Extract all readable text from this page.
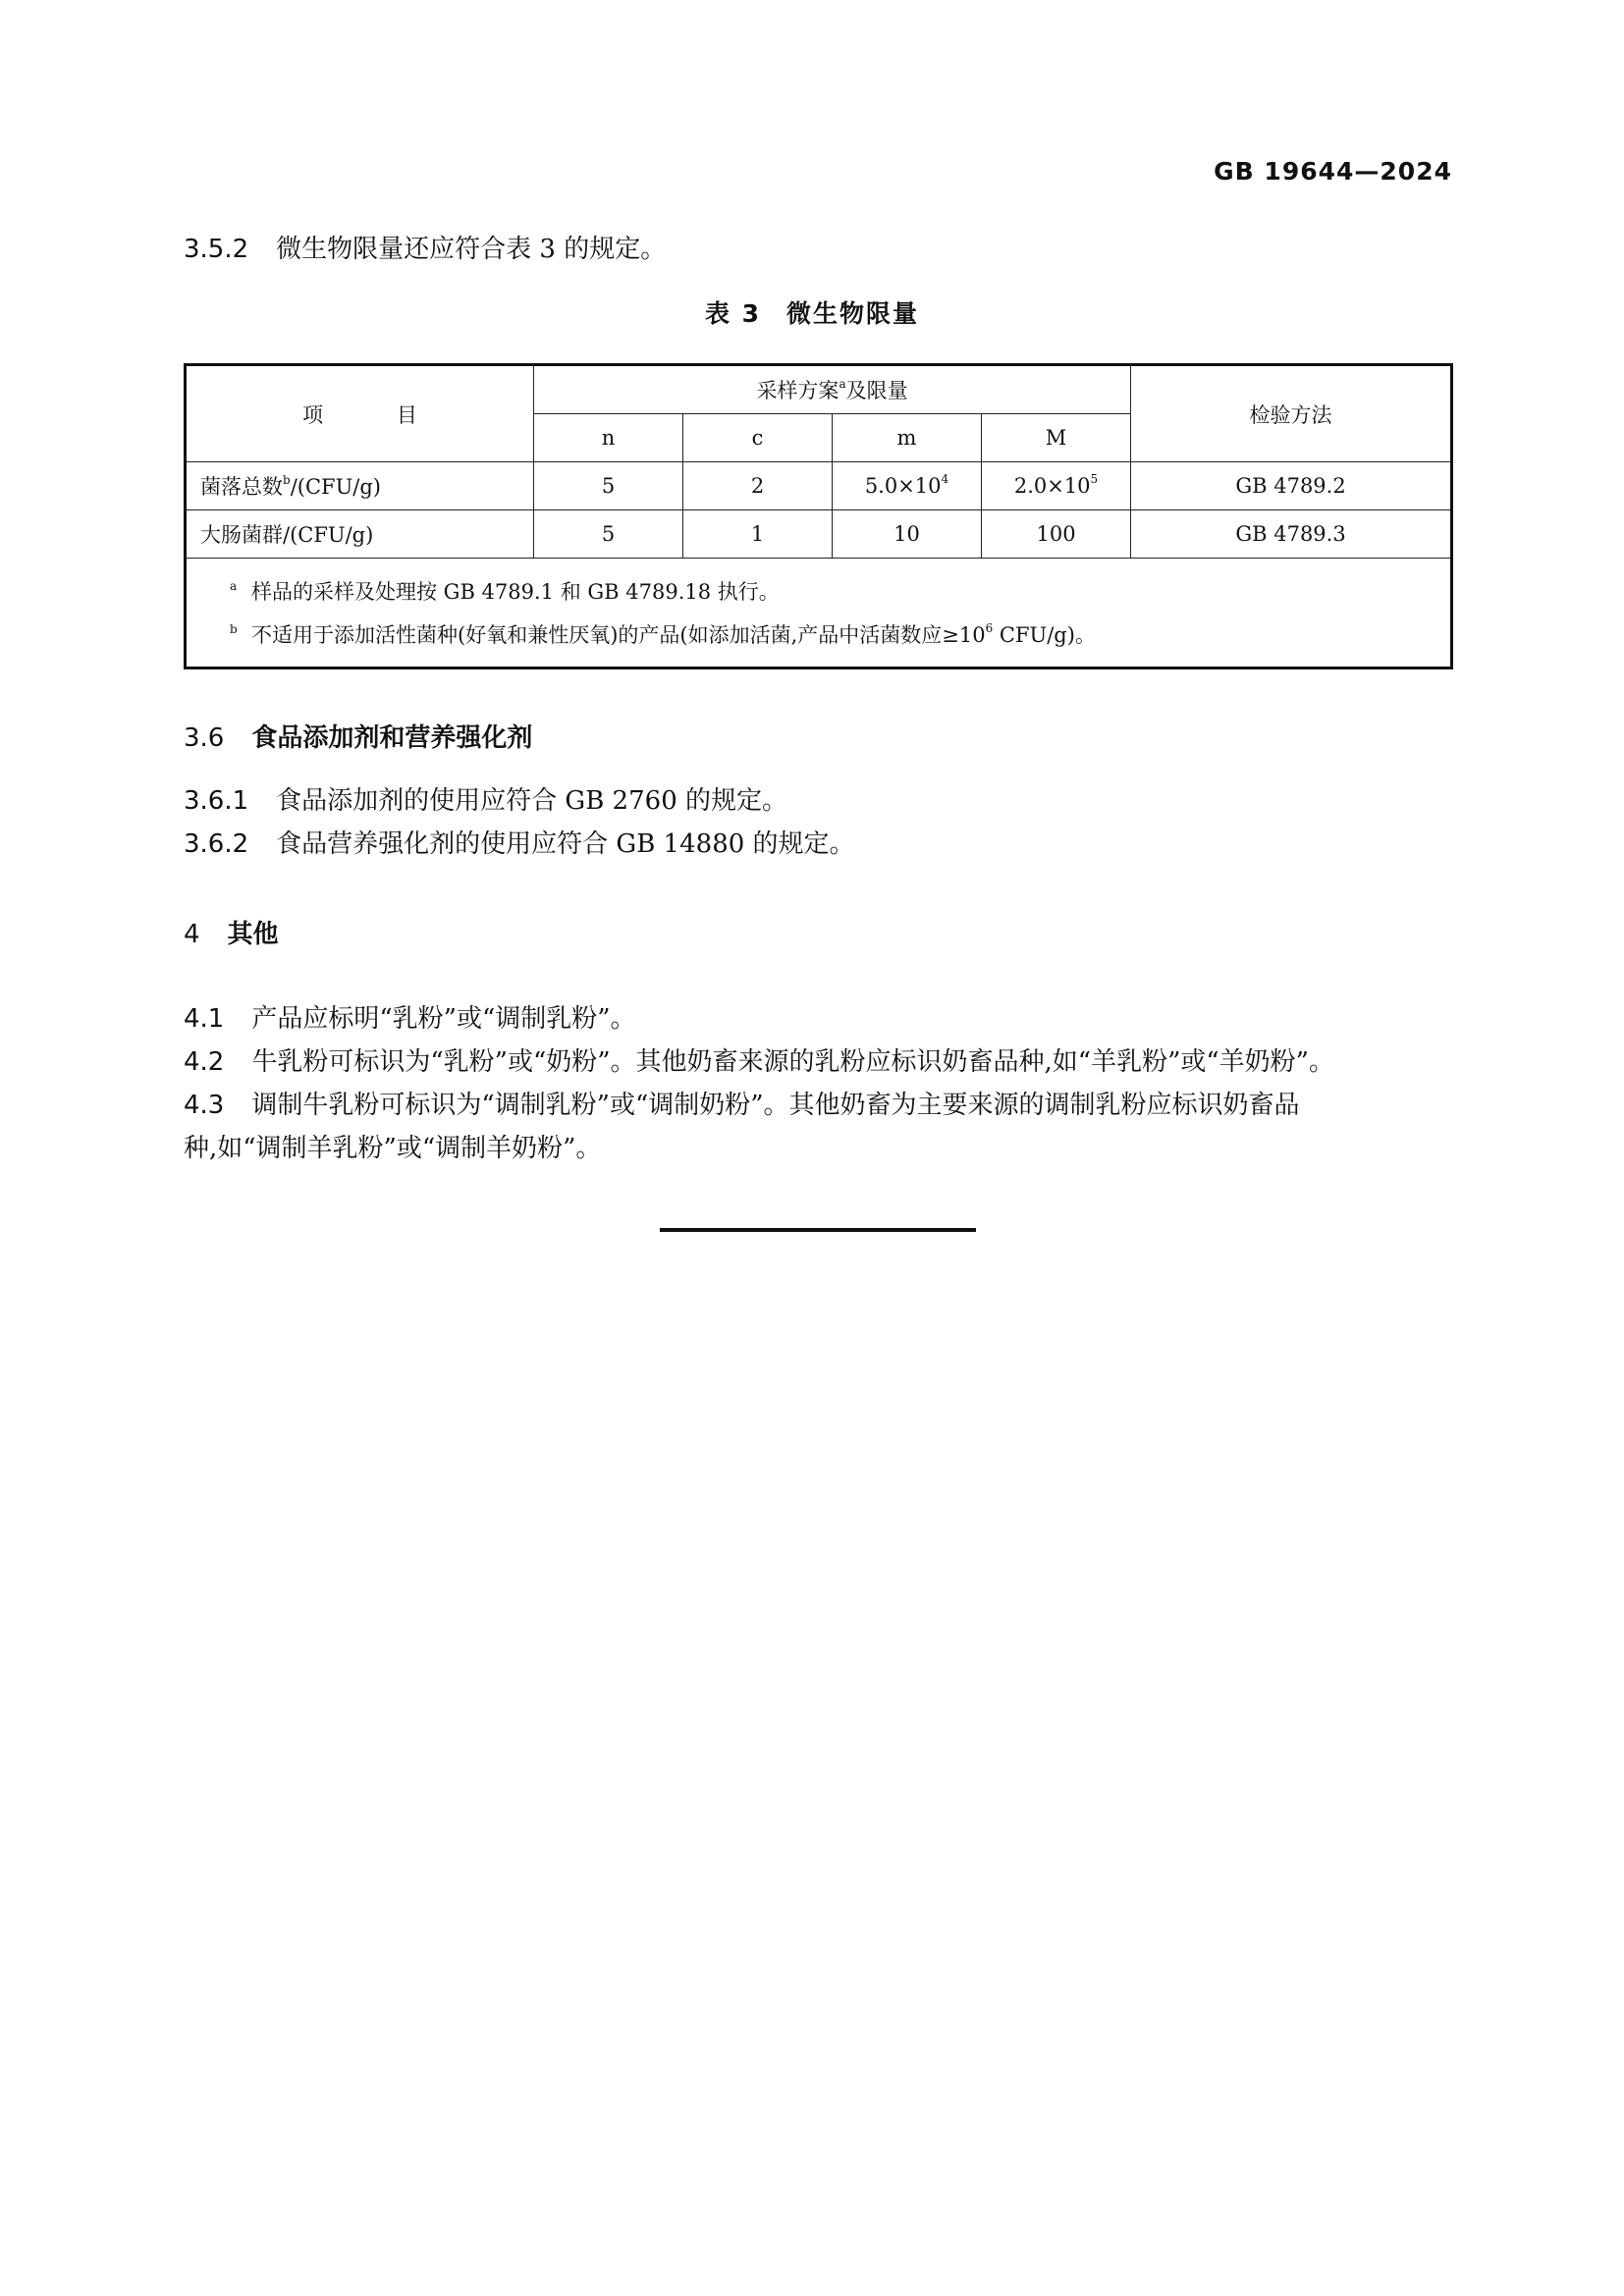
GB 19644—2024
3.5.2 微生物限量还应符合表 3 的规定。
表 3 微生物限量
项 目	采样方案$^a$及限量				检验方法
	n	c	m	M	
菌落总数$^b$/(CFU/g)	5	2	$5.0\times 10^4$	$2.0\times 10^5$	GB 4789.2
大肠菌群/(CFU/g)	5	1	10	100	GB 4789.3

a 样品的采样及处理按 GB 4789.1 和 GB 4789.18 执行。
b 不适用于添加活性菌种(好氧和兼性厌氧)的产品(如添加活菌,产品中活菌数应$\ge 10^6$ CFU/g)。					
3.6 食品添加剂和营养强化剂
3.6.1 食品添加剂的使用应符合 GB 2760 的规定。
3.6.2 食品营养强化剂的使用应符合 GB 14880 的规定。
4 其他
4.1 产品应标明“乳粉”或“调制乳粉”。
4.2 牛乳粉可标识为“乳粉”或“奶粉”。其他奶畜来源的乳粉应标识奶畜品种,如“羊乳粉”或“羊奶粉”。
4.3 调制牛乳粉可标识为“调制乳粉”或“调制奶粉”。其他奶畜为主要来源的调制乳粉应标识奶畜品
种,如“调制羊乳粉”或“调制羊奶粉”。
